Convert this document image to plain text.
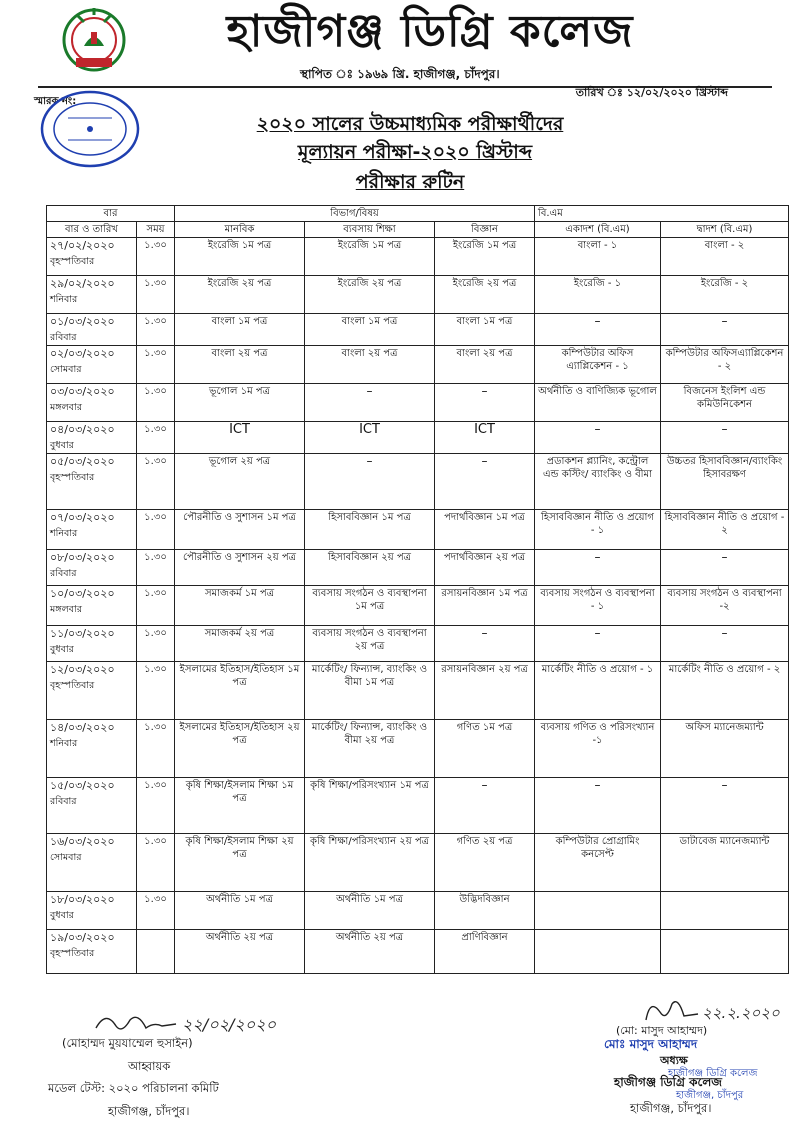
হাজীগঞ্জ ডিগ্রি কলেজ
স্থাপিত ঃ ১৯৬৯ খ্রি. হাজীগঞ্জ, চাঁদপুর।
স্মারক নং:
তারিখ ঃ ১২/০২/২০২০ খ্রিস্টাব্দ
২০২০ সালের উচ্চমাধ্যমিক পরীক্ষার্থীদের
মূল্যায়ন পরীক্ষা-২০২০ খ্রিস্টাব্দ
পরীক্ষার রুটিন
বার		বিভাগ/বিষয়			বি.এম	
বার ও তারিখ	সময়	মানবিক	ব্যবসায় শিক্ষা	বিজ্ঞান	একাদশ (বি.এম)	দ্বাদশ (বি.এম)
২৭/০২/২০২০
বৃহস্পতিবার	১.৩০	ইংরেজি ১ম পত্র	ইংরেজি ১ম পত্র	ইংরেজি ১ম পত্র	বাংলা - ১	বাংলা - ২
২৯/০২/২০২০
শনিবার	১.৩০	ইংরেজি ২য় পত্র	ইংরেজি ২য় পত্র	ইংরেজি ২য় পত্র	ইংরেজি - ১	ইংরেজি - ২
০১/০৩/২০২০
রবিবার	১.৩০	বাংলা ১ম পত্র	বাংলা ১ম পত্র	বাংলা ১ম পত্র	–	–
০২/০৩/২০২০
সোমবার	১.৩০	বাংলা ২য় পত্র	বাংলা ২য় পত্র	বাংলা ২য় পত্র	কম্পিউটার অফিস এ্যাপ্লিকেশন - ১	কম্পিউটার অফিসএ্যাপ্লিকেশন - ২
০৩/০৩/২০২০
মঙ্গলবার	১.৩০	ভূগোল ১ম পত্র	–	–	অর্থনীতি ও বাণিজ্যিক ভূগোল	বিজনেস ইংলিশ এন্ড কমিউনিকেশন
০৪/০৩/২০২০
বুধবার	১.৩০	ICT	ICT	ICT	–	–
০৫/০৩/২০২০
বৃহস্পতিবার	১.৩০	ভূগোল ২য় পত্র	–	–	প্রডাকশন প্ল্যানিং, কন্ট্রোল এন্ড কস্টিং/ ব্যাংকিং ও বীমা	উচ্চতর হিসাববিজ্ঞান/ব্যাংকিং হিসাবরক্ষণ
০৭/০৩/২০২০
শনিবার	১.৩০	পৌরনীতি ও সুশাসন ১ম পত্র	হিসাববিজ্ঞান ১ম পত্র	পদার্থবিজ্ঞান ১ম পত্র	হিসাববিজ্ঞান নীতি ও প্রয়োগ - ১	হিসাববিজ্ঞান নীতি ও প্রয়োগ - ২
০৮/০৩/২০২০
রবিবার	১.৩০	পৌরনীতি ও সুশাসন ২য় পত্র	হিসাববিজ্ঞান ২য় পত্র	পদার্থবিজ্ঞান ২য় পত্র	–	–
১০/০৩/২০২০
মঙ্গলবার	১.৩০	সমাজকর্ম ১ম পত্র	ব্যবসায় সংগঠন ও ব্যবস্থাপনা ১ম পত্র	রসায়নবিজ্ঞান ১ম পত্র	ব্যবসায় সংগঠন ও ব্যবস্থাপনা - ১	ব্যবসায় সংগঠন ও ব্যবস্থাপনা -২
১১/০৩/২০২০
বুধবার	১.৩০	সমাজকর্ম ২য় পত্র	ব্যবসায় সংগঠন ও ব্যবস্থাপনা ২য় পত্র	–	–	–
১২/০৩/২০২০
বৃহস্পতিবার	১.৩০	ইসলামের ইতিহাস/ইতিহাস ১ম পত্র	মার্কেটিং/ ফিন্যান্স, ব্যাংকিং ও বীমা ১ম পত্র	রসায়নবিজ্ঞান ২য় পত্র	মার্কেটিং নীতি ও প্রয়োগ - ১	মার্কেটিং নীতি ও প্রয়োগ - ২
১৪/০৩/২০২০
শনিবার	১.৩০	ইসলামের ইতিহাস/ইতিহাস ২য় পত্র	মার্কেটিং/ ফিন্যান্স, ব্যাংকিং ও বীমা ২য় পত্র	গণিত ১ম পত্র	ব্যবসায় গণিত ও পরিসংখ্যান -১	অফিস ম্যানেজম্যান্ট
১৫/০৩/২০২০
রবিবার	১.৩০	কৃষি শিক্ষা/ইসলাম শিক্ষা ১ম পত্র	কৃষি শিক্ষা/পরিসংখ্যান ১ম পত্র	–	–	–
১৬/০৩/২০২০
সোমবার	১.৩০	কৃষি শিক্ষা/ইসলাম শিক্ষা ২য় পত্র	কৃষি শিক্ষা/পরিসংখ্যান ২য় পত্র	গণিত ২য় পত্র	কম্পিউটার প্রোগ্রামিং কনসেপ্ট	ডাটাবেজ ম্যানেজম্যান্ট
১৮/০৩/২০২০
বুধবার	১.৩০	অর্থনীতি ১ম পত্র	অর্থনীতি ১ম পত্র	উদ্ভিদবিজ্ঞান		
১৯/০৩/২০২০
বৃহস্পতিবার		অর্থনীতি ২য় পত্র	অর্থনীতি ২য় পত্র	প্রাণিবিজ্ঞান		
২২/০২/২০২০
(মোহাম্মদ মুয়যাম্মেল হুসাইন)
আহ্বায়ক
মডেল টেস্ট: ২০২০ পরিচালনা কমিটি
হাজীগঞ্জ, চাঁদপুর।
২২.২.২০২০
(মো: মাসুদ আহাম্মদ)
মোঃ মাসুদ আহাম্মদ
অধ্যক্ষ
হাজীগঞ্জ ডিগ্রি কলেজ
হাজীগঞ্জ ডিগ্রি কলেজ
হাজীগঞ্জ, চাঁদপুর
হাজীগঞ্জ, চাঁদপুর।
